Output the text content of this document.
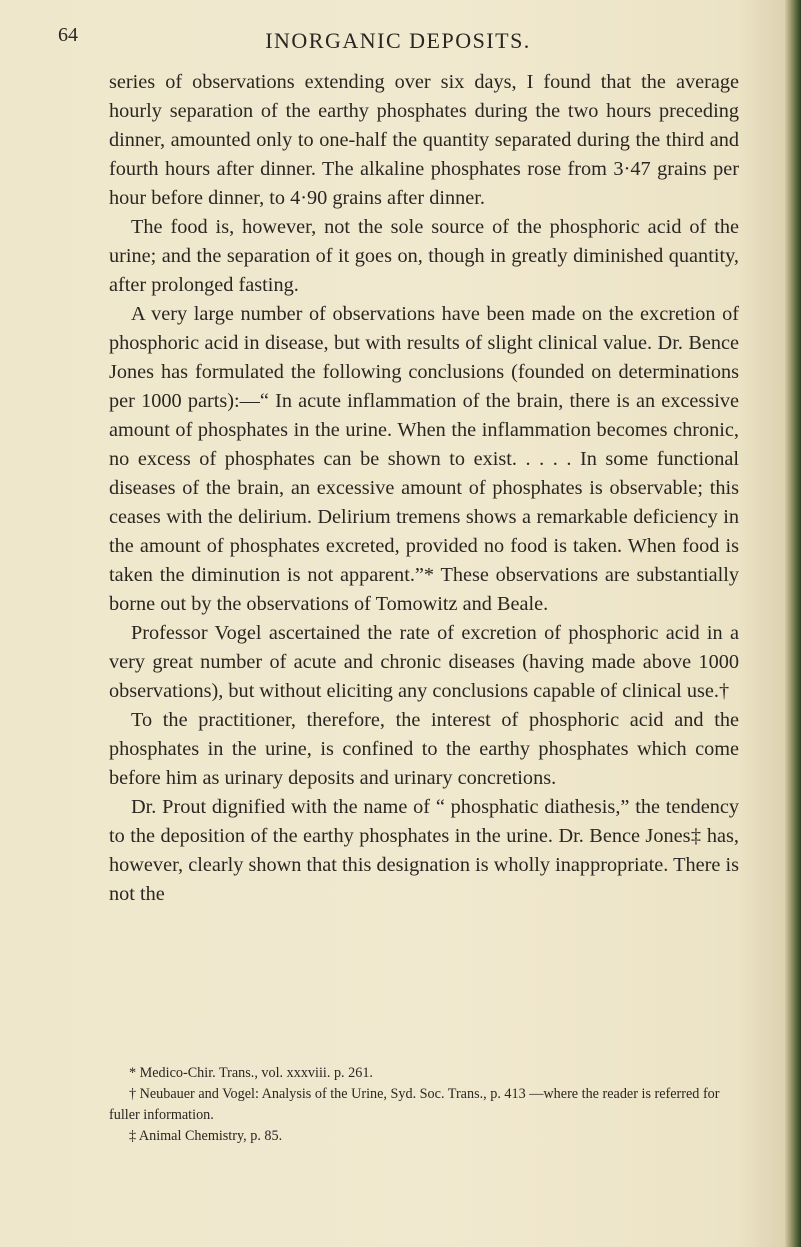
64	INORGANIC DEPOSITS.

series of observations extending over six days, I found that the average hourly separation of the earthy phosphates during the two hours preceding dinner, amounted only to one-half the quantity separated during the third and fourth hours after dinner. The alkaline phosphates rose from 3·47 grains per hour before dinner, to 4·90 grains after dinner.

The food is, however, not the sole source of the phosphoric acid of the urine; and the separation of it goes on, though in greatly diminished quantity, after prolonged fasting.

A very large number of observations have been made on the excretion of phosphoric acid in disease, but with results of slight clinical value. Dr. Bence Jones has formulated the following conclusions (founded on determinations per 1000 parts):—“ In acute inflammation of the brain, there is an excessive amount of phosphates in the urine. When the inflammation becomes chronic, no excess of phosphates can be shown to exist. . . . . In some functional diseases of the brain, an excessive amount of phosphates is observable; this ceases with the delirium. Delirium tremens shows a remarkable deficiency in the amount of phosphates excreted, provided no food is taken. When food is taken the diminution is not apparent.”* These observations are substantially borne out by the observations of Tomowitz and Beale.

Professor Vogel ascertained the rate of excretion of phosphoric acid in a very great number of acute and chronic diseases (having made above 1000 observations), but without eliciting any conclusions capable of clinical use.†

To the practitioner, therefore, the interest of phosphoric acid and the phosphates in the urine, is confined to the earthy phosphates which come before him as urinary deposits and urinary concretions.

Dr. Prout dignified with the name of “ phosphatic diathesis,” the tendency to the deposition of the earthy phosphates in the urine. Dr. Bence Jones‡ has, however, clearly shown that this designation is wholly inappropriate. There is not the

* Medico-Chir. Trans., vol. xxxviii. p. 261.

† Neubauer and Vogel: Analysis of the Urine, Syd. Soc. Trans., p. 413 —where the reader is referred for fuller information.

‡ Animal Chemistry, p. 85.
